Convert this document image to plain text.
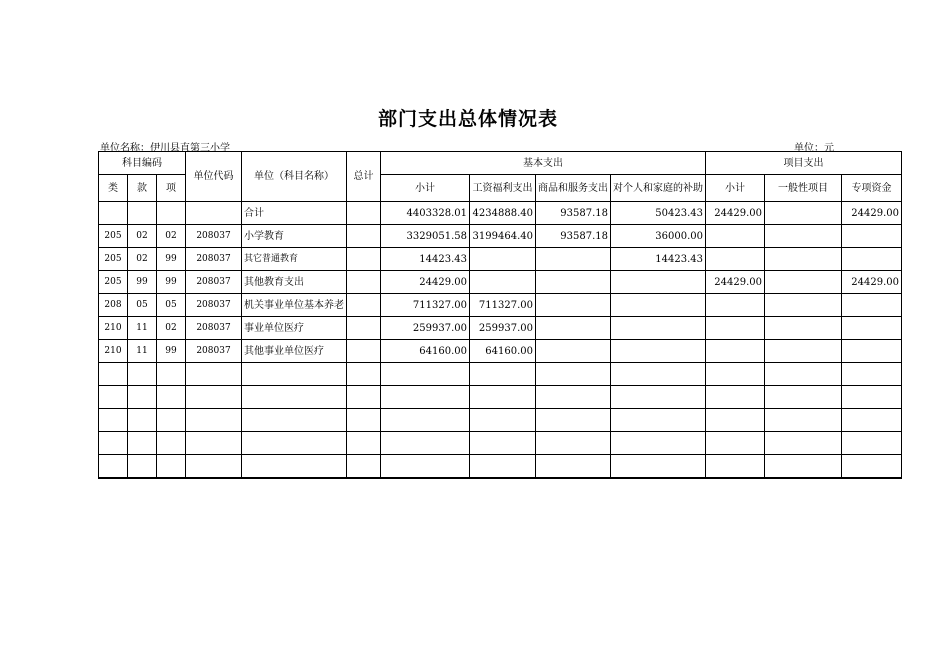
部门支出总体情况表
单位名称：伊川县直第三小学	单位：元
科目编码			单位代码	单位（科目名称）	总计	基本支出				项目支出		
类	款	项				小计	工资福利支出	商品和服务支出	对个人和家庭的补助	小计	一般性项目	专项资金
				合计		4403328.01	4234888.40	93587.18	50423.43	24429.00		24429.00
205	02	02	208037	小学教育		3329051.58	3199464.40	93587.18	36000.00			
205	02	99	208037	其它普通教育		14423.43			14423.43			
205	99	99	208037	其他教育支出		24429.00				24429.00		24429.00
208	05	05	208037	机关事业单位基本养老		711327.00	711327.00					
210	11	02	208037	事业单位医疗		259937.00	259937.00					
210	11	99	208037	其他事业单位医疗		64160.00	64160.00					
